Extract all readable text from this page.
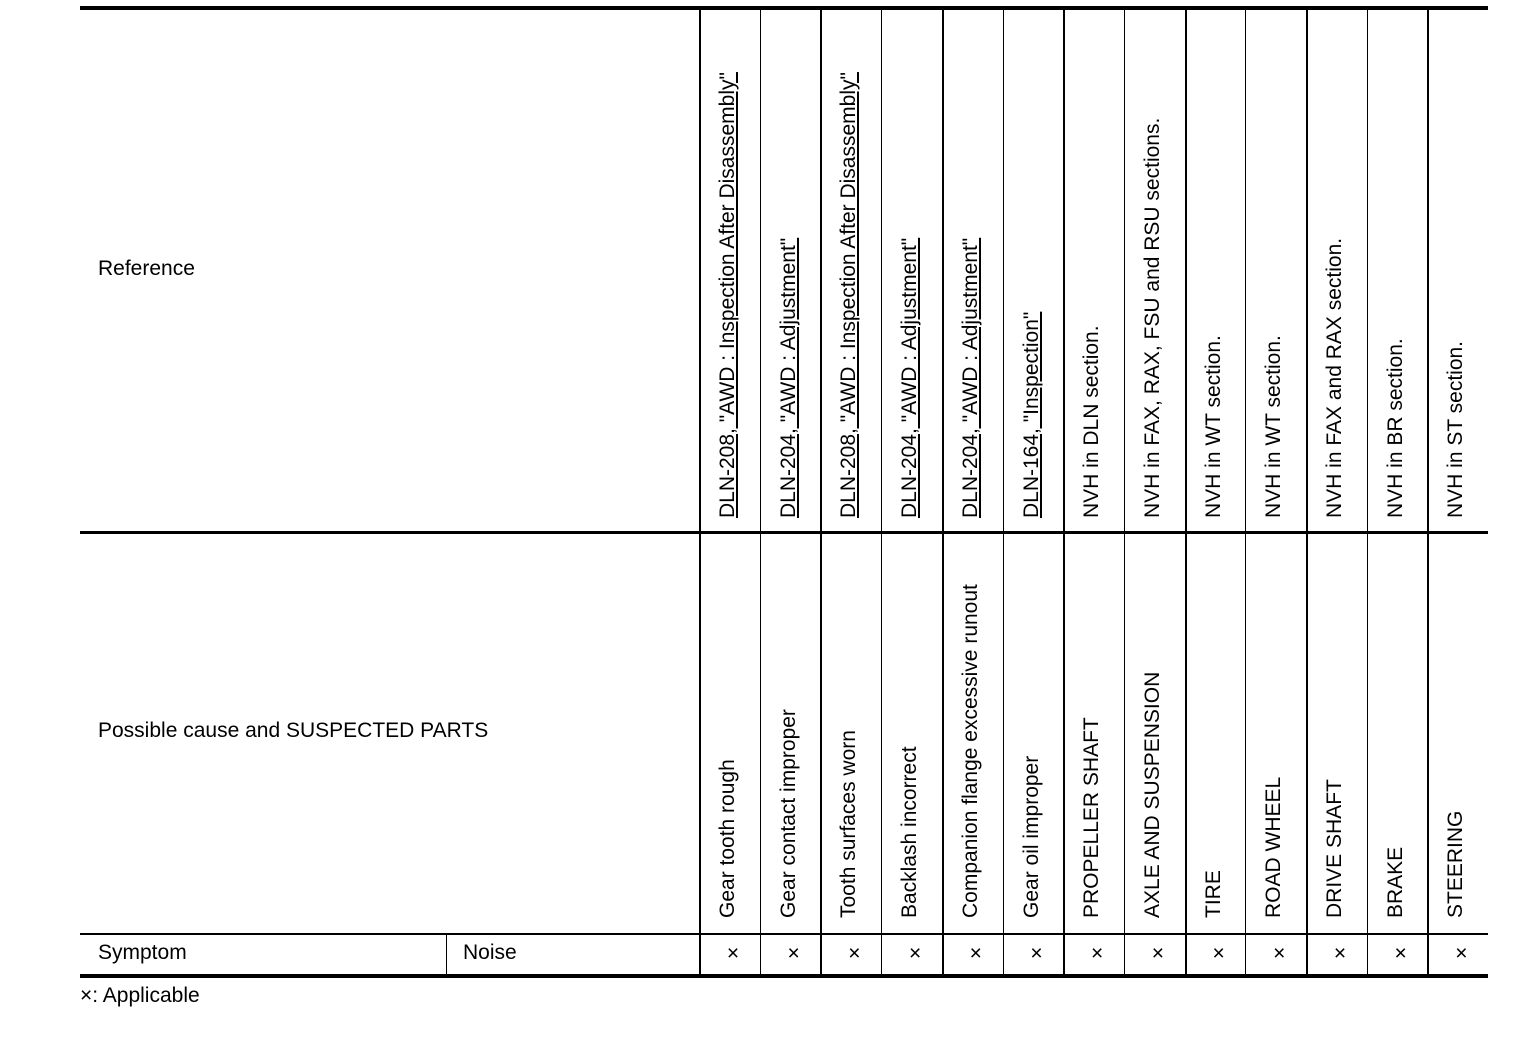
Reference
Possible cause and SUSPECTED PARTS
Symptom	Noise
DLN-208, "AWD : Inspection After Disassembly"
Gear tooth rough
×
DLN-204, "AWD : Adjustment"
Gear contact improper
×
DLN-208, "AWD : Inspection After Disassembly"
Tooth surfaces worn
×
DLN-204, "AWD : Adjustment"
Backlash incorrect
×
DLN-204, "AWD : Adjustment"
Companion flange excessive runout
×
DLN-164, "Inspection"
Gear oil improper
×
NVH in DLN section.
PROPELLER SHAFT
×
NVH in FAX, RAX, FSU and RSU sections.
AXLE AND SUSPENSION
×
NVH in WT section.
TIRE
×
NVH in WT section.
ROAD WHEEL
×
NVH in FAX and RAX section.
DRIVE SHAFT
×
NVH in BR section.
BRAKE
×
NVH in ST section.
STEERING
×
×: Applicable
